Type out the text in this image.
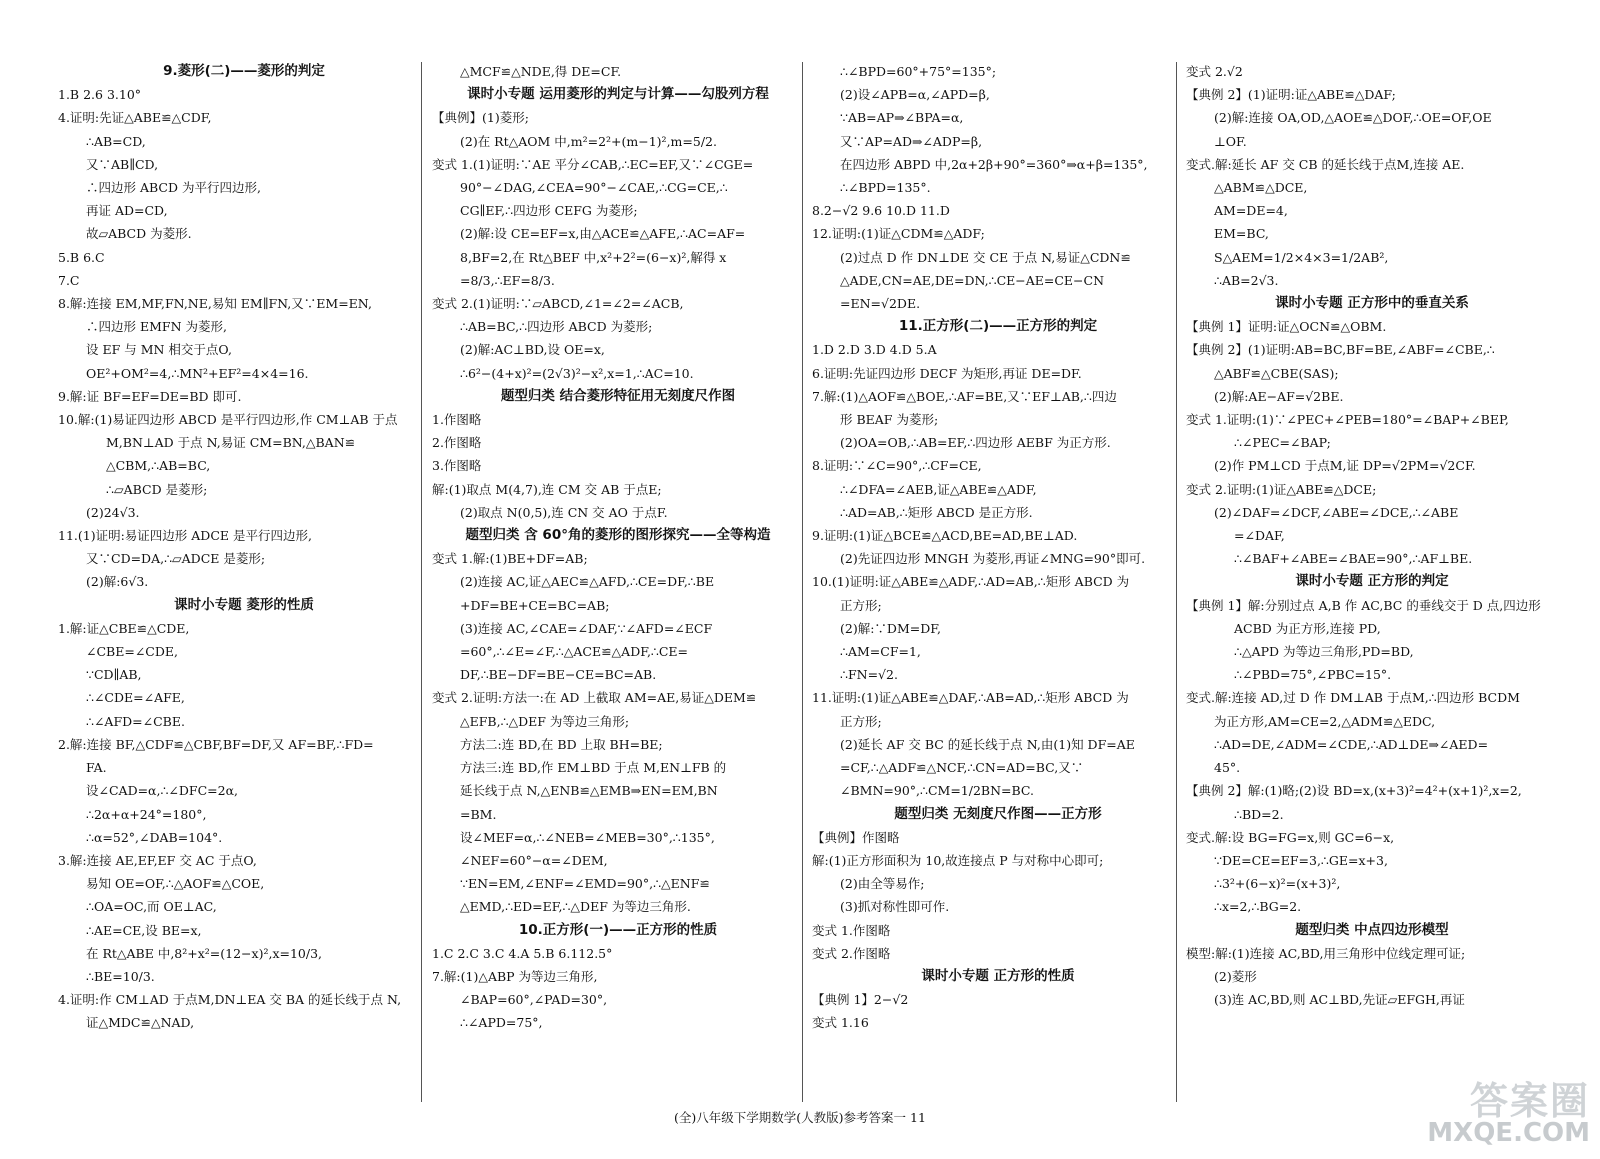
9.菱形(二)——菱形的判定
1.B 2.6 3.10°
4.证明:先证△ABE≌△CDF,
∴AB=CD,
又∵AB∥CD,
∴四边形 ABCD 为平行四边形,
再证 AD=CD,
故▱ABCD 为菱形.
5.B 6.C
7.C
8.解:连接 EM,MF,FN,NE,易知 EM∥FN,又∵EM=EN,
∴四边形 EMFN 为菱形,
设 EF 与 MN 相交于点O,
OE²+OM²=4,∴MN²+EF²=4×4=16.
9.解:证 BF=EF=DE=BD 即可.
10.解:(1)易证四边形 ABCD 是平行四边形,作 CM⊥AB 于点
M,BN⊥AD 于点 N,易证 CM=BN,△BAN≌
△CBM,∴AB=BC,
∴▱ABCD 是菱形;
(2)24√3.
11.(1)证明:易证四边形 ADCE 是平行四边形,
又∵CD=DA,∴▱ADCE 是菱形;
(2)解:6√3.
课时小专题 菱形的性质
1.解:证△CBE≌△CDE,
∠CBE=∠CDE,
∵CD∥AB,
∴∠CDE=∠AFE,
∴∠AFD=∠CBE.
2.解:连接 BF,△CDF≌△CBF,BF=DF,又 AF=BF,∴FD=
FA.
设∠CAD=α,∴∠DFC=2α,
∴2α+α+24°=180°,
∴α=52°,∠DAB=104°.
3.解:连接 AE,EF,EF 交 AC 于点O,
易知 OE=OF,∴△AOF≌△COE,
∴OA=OC,而 OE⊥AC,
∴AE=CE,设 BE=x,
在 Rt△ABE 中,8²+x²=(12−x)²,x=10/3,
∴BE=10/3.
4.证明:作 CM⊥AD 于点M,DN⊥EA 交 BA 的延长线于点 N,
证△MDC≌△NAD,
△MCF≌△NDE,得 DE=CF.
课时小专题 运用菱形的判定与计算——勾股列方程
【典例】(1)菱形;
(2)在 Rt△AOM 中,m²=2²+(m−1)²,m=5/2.
变式 1.(1)证明:∵AE 平分∠CAB,∴EC=EF,又∵∠CGE=
90°−∠DAG,∠CEA=90°−∠CAE,∴CG=CE,∴
CG∥EF,∴四边形 CEFG 为菱形;
(2)解:设 CE=EF=x,由△ACE≌△AFE,∴AC=AF=
8,BF=2,在 Rt△BEF 中,x²+2²=(6−x)²,解得 x
=8/3,∴EF=8/3.
变式 2.(1)证明:∵▱ABCD,∠1=∠2=∠ACB,
∴AB=BC,∴四边形 ABCD 为菱形;
(2)解:AC⊥BD,设 OE=x,
∴6²−(4+x)²=(2√3)²−x²,x=1,∴AC=10.
题型归类 结合菱形特征用无刻度尺作图
1.作图略
2.作图略
3.作图略
解:(1)取点 M(4,7),连 CM 交 AB 于点E;
(2)取点 N(0,5),连 CN 交 AO 于点F.
题型归类 含 60°角的菱形的图形探究——全等构造
变式 1.解:(1)BE+DF=AB;
(2)连接 AC,证△AEC≌△AFD,∴CE=DF,∴BE
+DF=BE+CE=BC=AB;
(3)连接 AC,∠CAE=∠DAF,∵∠AFD=∠ECF
=60°,∴∠E=∠F,∴△ACE≌△ADF,∴CE=
DF,∴BE−DF=BE−CE=BC=AB.
变式 2.证明:方法一:在 AD 上截取 AM=AE,易证△DEM≌
△EFB,∴△DEF 为等边三角形;
方法二:连 BD,在 BD 上取 BH=BE;
方法三:连 BD,作 EM⊥BD 于点 M,EN⊥FB 的
延长线于点 N,△ENB≌△EMB⇒EN=EM,BN
=BM.
设∠MEF=α,∴∠NEB=∠MEB=30°,∴135°,
∠NEF=60°−α=∠DEM,
∵EN=EM,∠ENF=∠EMD=90°,∴△ENF≌
△EMD,∴ED=EF,∴△DEF 为等边三角形.
10.正方形(一)——正方形的性质
1.C 2.C 3.C 4.A 5.B 6.112.5°
7.解:(1)△ABP 为等边三角形,
∠BAP=60°,∠PAD=30°,
∴∠APD=75°,
∴∠BPD=60°+75°=135°;
(2)设∠APB=α,∠APD=β,
∵AB=AP⇒∠BPA=α,
又∵AP=AD⇒∠ADP=β,
在四边形 ABPD 中,2α+2β+90°=360°⇒α+β=135°,
∴∠BPD=135°.
8.2−√2 9.6 10.D 11.D
12.证明:(1)证△CDM≌△ADF;
(2)过点 D 作 DN⊥DE 交 CE 于点 N,易证△CDN≌
△ADE,CN=AE,DE=DN,∴CE−AE=CE−CN
=EN=√2DE.
11.正方形(二)——正方形的判定
1.D 2.D 3.D 4.D 5.A
6.证明:先证四边形 DECF 为矩形,再证 DE=DF.
7.解:(1)△AOF≌△BOE,∴AF=BE,又∵EF⊥AB,∴四边
形 BEAF 为菱形;
(2)OA=OB,∴AB=EF,∴四边形 AEBF 为正方形.
8.证明:∵∠C=90°,∴CF=CE,
∴∠DFA=∠AEB,证△ABE≌△ADF,
∴AD=AB,∴矩形 ABCD 是正方形.
9.证明:(1)证△BCE≌△ACD,BE=AD,BE⊥AD.
(2)先证四边形 MNGH 为菱形,再证∠MNG=90°即可.
10.(1)证明:证△ABE≌△ADF,∴AD=AB,∴矩形 ABCD 为
正方形;
(2)解:∵DM=DF,
∴AM=CF=1,
∴FN=√2.
11.证明:(1)证△ABE≌△DAF,∴AB=AD,∴矩形 ABCD 为
正方形;
(2)延长 AF 交 BC 的延长线于点 N,由(1)知 DF=AE
=CF,∴△ADF≌△NCF,∴CN=AD=BC,又∵
∠BMN=90°,∴CM=1/2BN=BC.
题型归类 无刻度尺作图——正方形
【典例】作图略
解:(1)正方形面积为 10,故连接点 P 与对称中心即可;
(2)由全等易作;
(3)抓对称性即可作.
变式 1.作图略
变式 2.作图略
课时小专题 正方形的性质
【典例 1】2−√2
变式 1.16
变式 2.√2
【典例 2】(1)证明:证△ABE≌△DAF;
(2)解:连接 OA,OD,△AOE≌△DOF,∴OE=OF,OE
⊥OF.
变式.解:延长 AF 交 CB 的延长线于点M,连接 AE.
△ABM≌△DCE,
AM=DE=4,
EM=BC,
S△AEM=1/2×4×3=1/2AB²,
∴AB=2√3.
课时小专题 正方形中的垂直关系
【典例 1】证明:证△OCN≌△OBM.
【典例 2】(1)证明:AB=BC,BF=BE,∠ABF=∠CBE,∴
△ABF≌△CBE(SAS);
(2)解:AE−AF=√2BE.
变式 1.证明:(1)∵∠PEC+∠PEB=180°=∠BAP+∠BEP,
∴∠PEC=∠BAP;
(2)作 PM⊥CD 于点M,证 DP=√2PM=√2CF.
变式 2.证明:(1)证△ABE≌△DCE;
(2)∠DAF=∠DCF,∠ABE=∠DCE,∴∠ABE
=∠DAF,
∴∠BAF+∠ABE=∠BAE=90°,∴AF⊥BE.
课时小专题 正方形的判定
【典例 1】解:分别过点 A,B 作 AC,BC 的垂线交于 D 点,四边形
ACBD 为正方形,连接 PD,
∴△APD 为等边三角形,PD=BD,
∴∠PBD=75°,∠PBC=15°.
变式.解:连接 AD,过 D 作 DM⊥AB 于点M,∴四边形 BCDM
为正方形,AM=CE=2,△ADM≌△EDC,
∴AD=DE,∠ADM=∠CDE,∴AD⊥DE⇒∠AED=
45°.
【典例 2】解:(1)略;(2)设 BD=x,(x+3)²=4²+(x+1)²,x=2,
∴BD=2.
变式.解:设 BG=FG=x,则 GC=6−x,
∵DE=CE=EF=3,∴GE=x+3,
∴3²+(6−x)²=(x+3)²,
∴x=2,∴BG=2.
题型归类 中点四边形模型
模型:解:(1)连接 AC,BD,用三角形中位线定理可证;
(2)菱形
(3)连 AC,BD,则 AC⊥BD,先证▱EFGH,再证
(全)八年级下学期数学(人教版)参考答案一 11	答案圈
MXQE.COM
